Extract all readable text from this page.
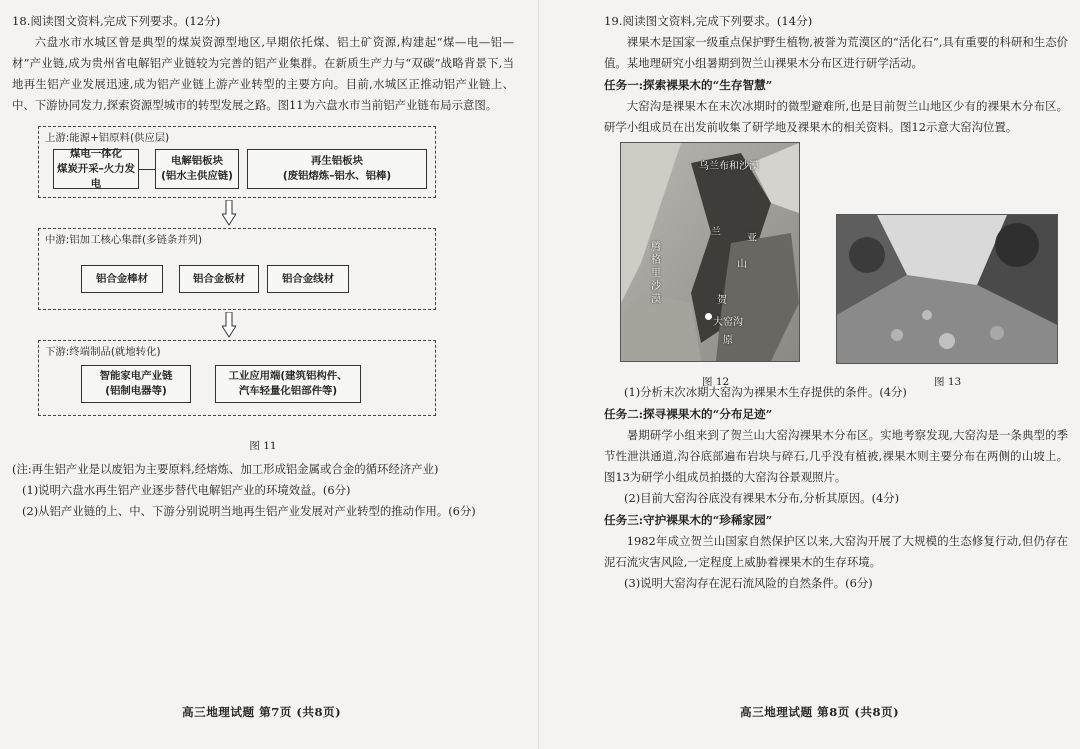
18.阅读图文资料,完成下列要求。(12分)

六盘水市水城区曾是典型的煤炭资源型地区,早期依托煤、铝土矿资源,构建起“煤—电—铝—材”产业链,成为贵州省电解铝产业链较为完善的铝产业集群。在新质生产力与“双碳”战略背景下,当地再生铝产业发展迅速,成为铝产业链上游产业转型的主要方向。目前,水城区正推动铝产业链上、中、下游协同发力,探索资源型城市的转型发展之路。图11为六盘水市当前铝产业链布局示意图。

上游:能源+铝原料(供应层)
煤电一体化
煤炭开采–火力发电
电解铝板块
(铝水主供应链)
再生铝板块
(废铝熔炼–铝水、铝棒)
中游:铝加工核心集群(多链条并列)
铝合金棒材	铝合金板材	铝合金线材
下游:终端制品(就地转化)
智能家电产业链
(铝制电器等)
工业应用端(建筑铝构件、
汽车轻量化铝部件等)

图 11

(注:再生铝产业是以废铝为主要原料,经熔炼、加工形成铝金属或合金的循环经济产业)

(1)说明六盘水再生铝产业逐步替代电解铝产业的环境效益。(6分)

(2)从铝产业链的上、中、下游分别说明当地再生铝产业发展对产业转型的推动作用。(6分)

高三地理试题 第7页 (共8页)

19.阅读图文资料,完成下列要求。(14分)

裸果木是国家一级重点保护野生植物,被誉为荒漠区的“活化石”,具有重要的科研和生态价值。某地理研究小组暑期到贺兰山裸果木分布区进行研学活动。

任务一:探索裸果木的“生存智慧”

大窑沟是裸果木在末次冰期时的微型避难所,也是目前贺兰山地区少有的裸果木分布区。研学小组成员在出发前收集了研学地及裸果木的相关资料。图12示意大窑沟位置。

乌兰布和沙漠
兰
亚
山
腾格里沙漠	贺
大窑沟
原
图 12	图 13

(1)分析末次冰期大窑沟为裸果木生存提供的条件。(4分)

任务二:探寻裸果木的“分布足迹”

暑期研学小组来到了贺兰山大窑沟裸果木分布区。实地考察发现,大窑沟是一条典型的季节性泄洪通道,沟谷底部遍布岩块与碎石,几乎没有植被,裸果木则主要分布在两侧的山坡上。图13为研学小组成员拍摄的大窑沟谷景观照片。

(2)目前大窑沟谷底没有裸果木分布,分析其原因。(4分)

任务三:守护裸果木的“珍稀家园”

1982年成立贺兰山国家自然保护区以来,大窑沟开展了大规模的生态修复行动,但仍存在泥石流灾害风险,一定程度上威胁着裸果木的生存环境。

(3)说明大窑沟存在泥石流风险的自然条件。(6分)

高三地理试题 第8页 (共8页)
